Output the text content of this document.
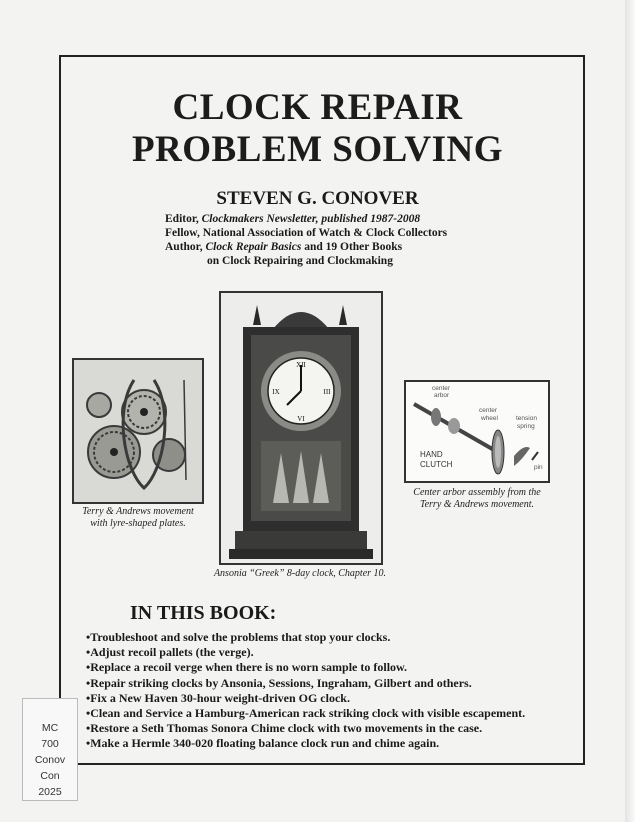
CLOCK REPAIR
PROBLEM SOLVING
STEVEN G. CONOVER
Editor, Clockmakers Newsletter, published 1987-2008
Fellow, National Association of Watch & Clock Collectors
Author, Clock Repair Basics and 19 Other Books
on Clock Repairing and Clockmaking
Terry & Andrews movement
with lyre-shaped plates.
XII
III
VI
IX
Ansonia “Greek” 8-day clock, Chapter 10.
center
arbor
center
wheel	tension
spring
pin
HAND
CLUTCH
Center arbor assembly from the
Terry & Andrews movement.
IN THIS BOOK:
• Troubleshoot and solve the problems that stop your clocks.
• Adjust recoil pallets (the verge).
• Replace a recoil verge when there is no worn sample to follow.
• Repair striking clocks by Ansonia, Sessions, Ingraham, Gilbert and others.
• Fix a New Haven 30-hour weight-driven OG clock.
• Clean and Service a Hamburg-American rack striking clock with visible escapement.
• Restore a Seth Thomas Sonora Chime clock with two movements in the case.
• Make a Hermle 340-020 floating balance clock run and chime again.
MC
700
Conov
Con
2025
